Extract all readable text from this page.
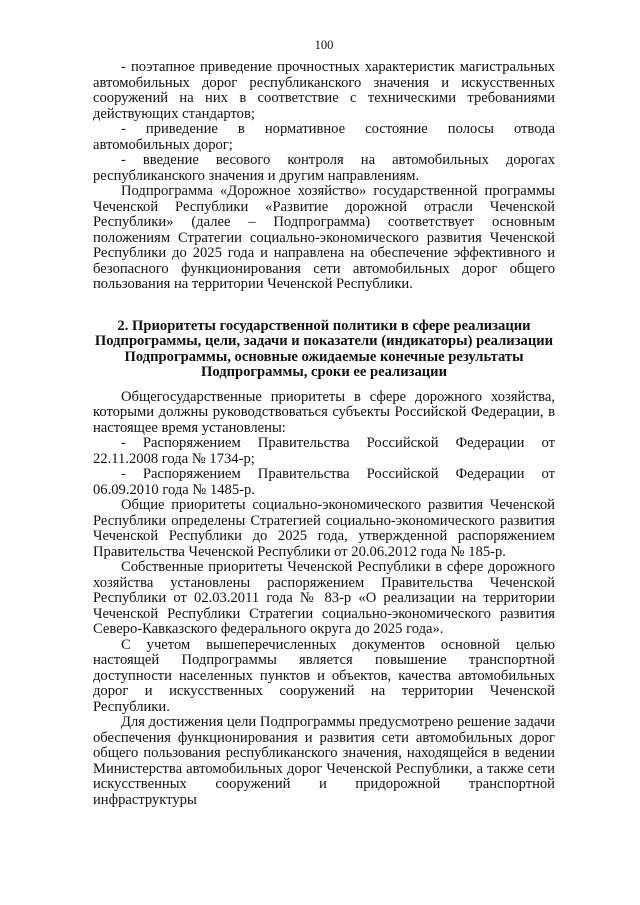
100

- поэтапное приведение прочностных характеристик магистральных автомобильных дорог республиканского значения и искусственных сооружений на них в соответствие с техническими требованиями действующих стандартов;

- приведение в нормативное состояние полосы отвода автомобильных дорог;

- введение весового контроля на автомобильных дорогах республиканского значения и другим направлениям.

Подпрограмма «Дорожное хозяйство» государственной программы Чеченской Республики «Развитие дорожной отрасли Чеченской Республики» (далее – Подпрограмма) соответствует основным положениям Стратегии социально-экономического развития Чеченской Республики до 2025 года и направлена на обеспечение эффективного и безопасного функционирования сети автомобильных дорог общего пользования на территории Чеченской Республики.

2. Приоритеты государственной политики в сфере реализации
Подпрограммы, цели, задачи и показатели (индикаторы) реализации
Подпрограммы, основные ожидаемые конечные результаты
Подпрограммы, сроки ее реализации

Общегосударственные приоритеты в сфере дорожного хозяйства, которыми должны руководствоваться субъекты Российской Федерации, в настоящее время установлены:

- Распоряжением Правительства Российской Федерации от 22.11.2008 года № 1734-р;

- Распоряжением Правительства Российской Федерации от 06.09.2010 года № 1485-р.

Общие приоритеты социально-экономического развития Чеченской Республики определены Стратегией социально-экономического развития Чеченской Республики до 2025 года, утвержденной распоряжением Правительства Чеченской Республики от 20.06.2012 года № 185-р.

Собственные приоритеты Чеченской Республики в сфере дорожного хозяйства установлены распоряжением Правительства Чеченской Республики от 02.03.2011 года № 83-р «О реализации на территории Чеченской Республики Стратегии социально-экономического развития Северо-Кавказского федерального округа до 2025 года».

С учетом вышеперечисленных документов основной целью настоящей Подпрограммы является повышение транспортной доступности населенных пунктов и объектов, качества автомобильных дорог и искусственных сооружений на территории Чеченской Республики.

Для достижения цели Подпрограммы предусмотрено решение задачи обеспечения функционирования и развития сети автомобильных дорог общего пользования республиканского значения, находящейся в ведении Министерства автомобильных дорог Чеченской Республики, а также сети искусственных сооружений и придорожной транспортной инфраструктуры
